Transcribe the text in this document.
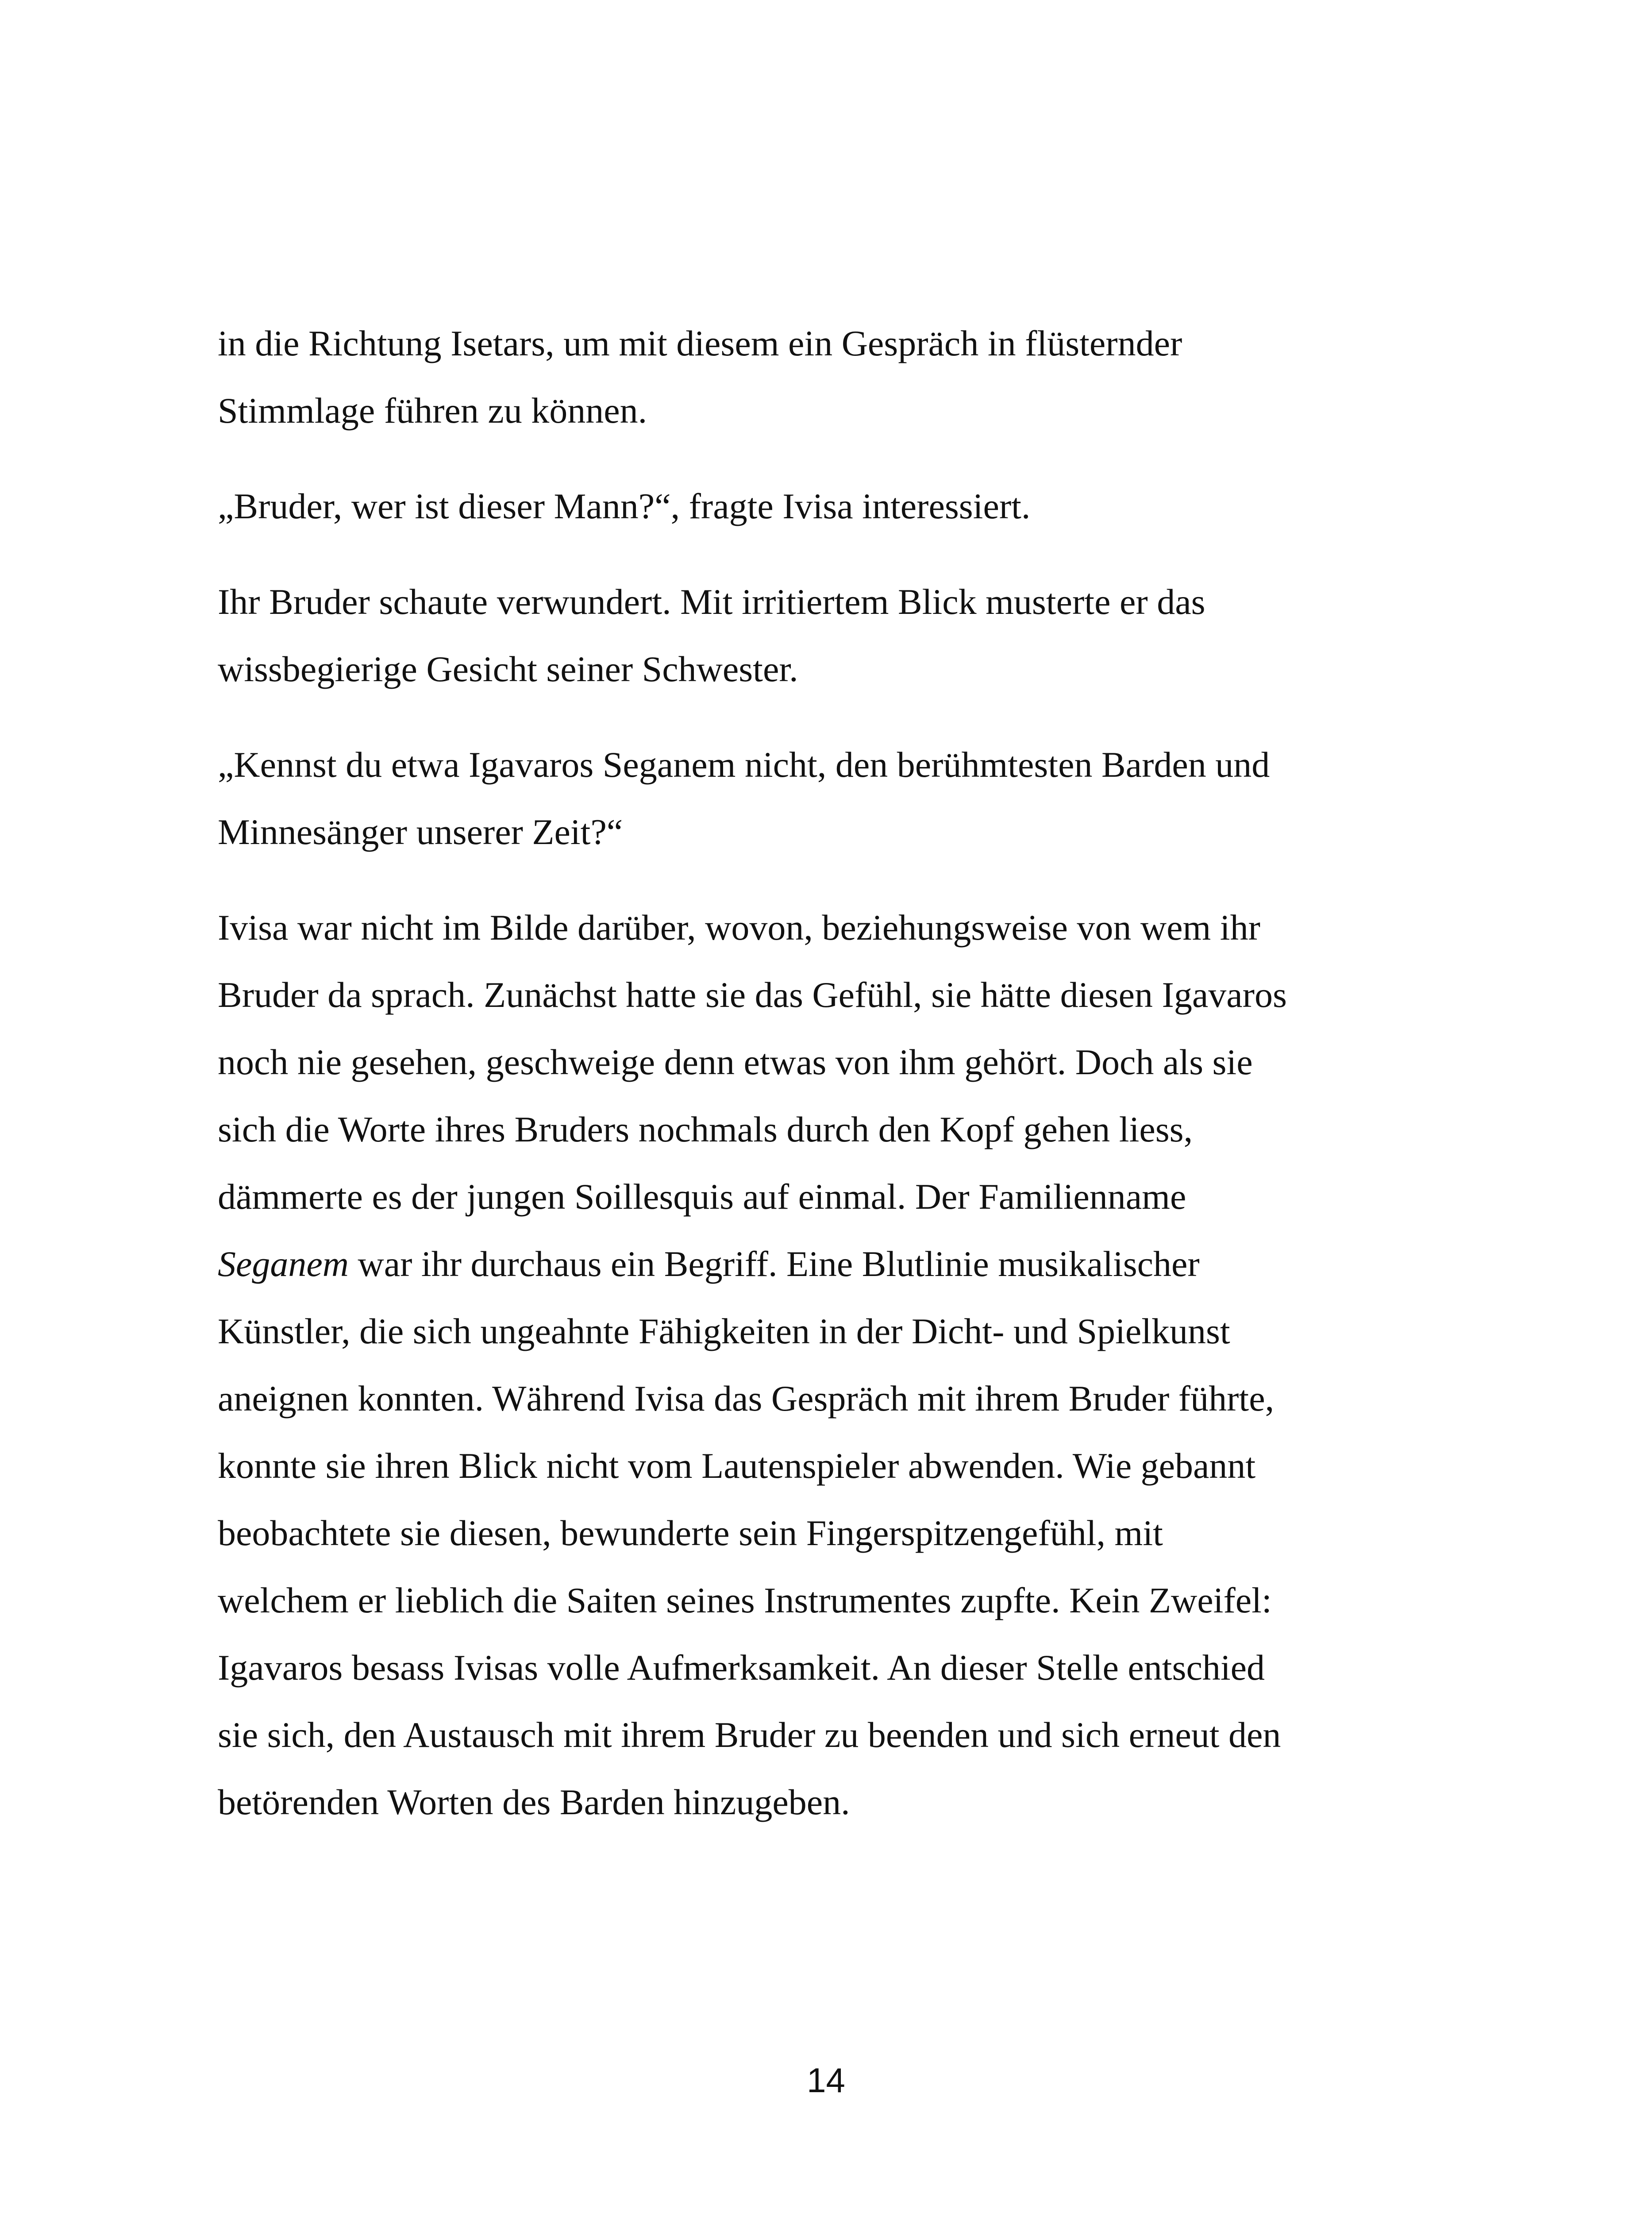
in die Richtung Isetars, um mit diesem ein Gespräch in flüsternder
Stimmlage führen zu können.

„Bruder, wer ist dieser Mann?“, fragte Ivisa interessiert.

Ihr Bruder schaute verwundert. Mit irritiertem Blick musterte er das
wissbegierige Gesicht seiner Schwester.

„Kennst du etwa Igavaros Seganem nicht, den berühmtesten Barden und
Minnesänger unserer Zeit?“

Ivisa war nicht im Bilde darüber, wovon, beziehungsweise von wem ihr
Bruder da sprach. Zunächst hatte sie das Gefühl, sie hätte diesen Igavaros
noch nie gesehen, geschweige denn etwas von ihm gehört. Doch als sie
sich die Worte ihres Bruders nochmals durch den Kopf gehen liess,
dämmerte es der jungen Soillesquis auf einmal. Der Familienname
Seganem war ihr durchaus ein Begriff. Eine Blutlinie musikalischer
Künstler, die sich ungeahnte Fähigkeiten in der Dicht- und Spielkunst
aneignen konnten. Während Ivisa das Gespräch mit ihrem Bruder führte,
konnte sie ihren Blick nicht vom Lautenspieler abwenden. Wie gebannt
beobachtete sie diesen, bewunderte sein Fingerspitzengefühl, mit
welchem er lieblich die Saiten seines Instrumentes zupfte. Kein Zweifel:
Igavaros besass Ivisas volle Aufmerksamkeit. An dieser Stelle entschied
sie sich, den Austausch mit ihrem Bruder zu beenden und sich erneut den
betörenden Worten des Barden hinzugeben.

14
